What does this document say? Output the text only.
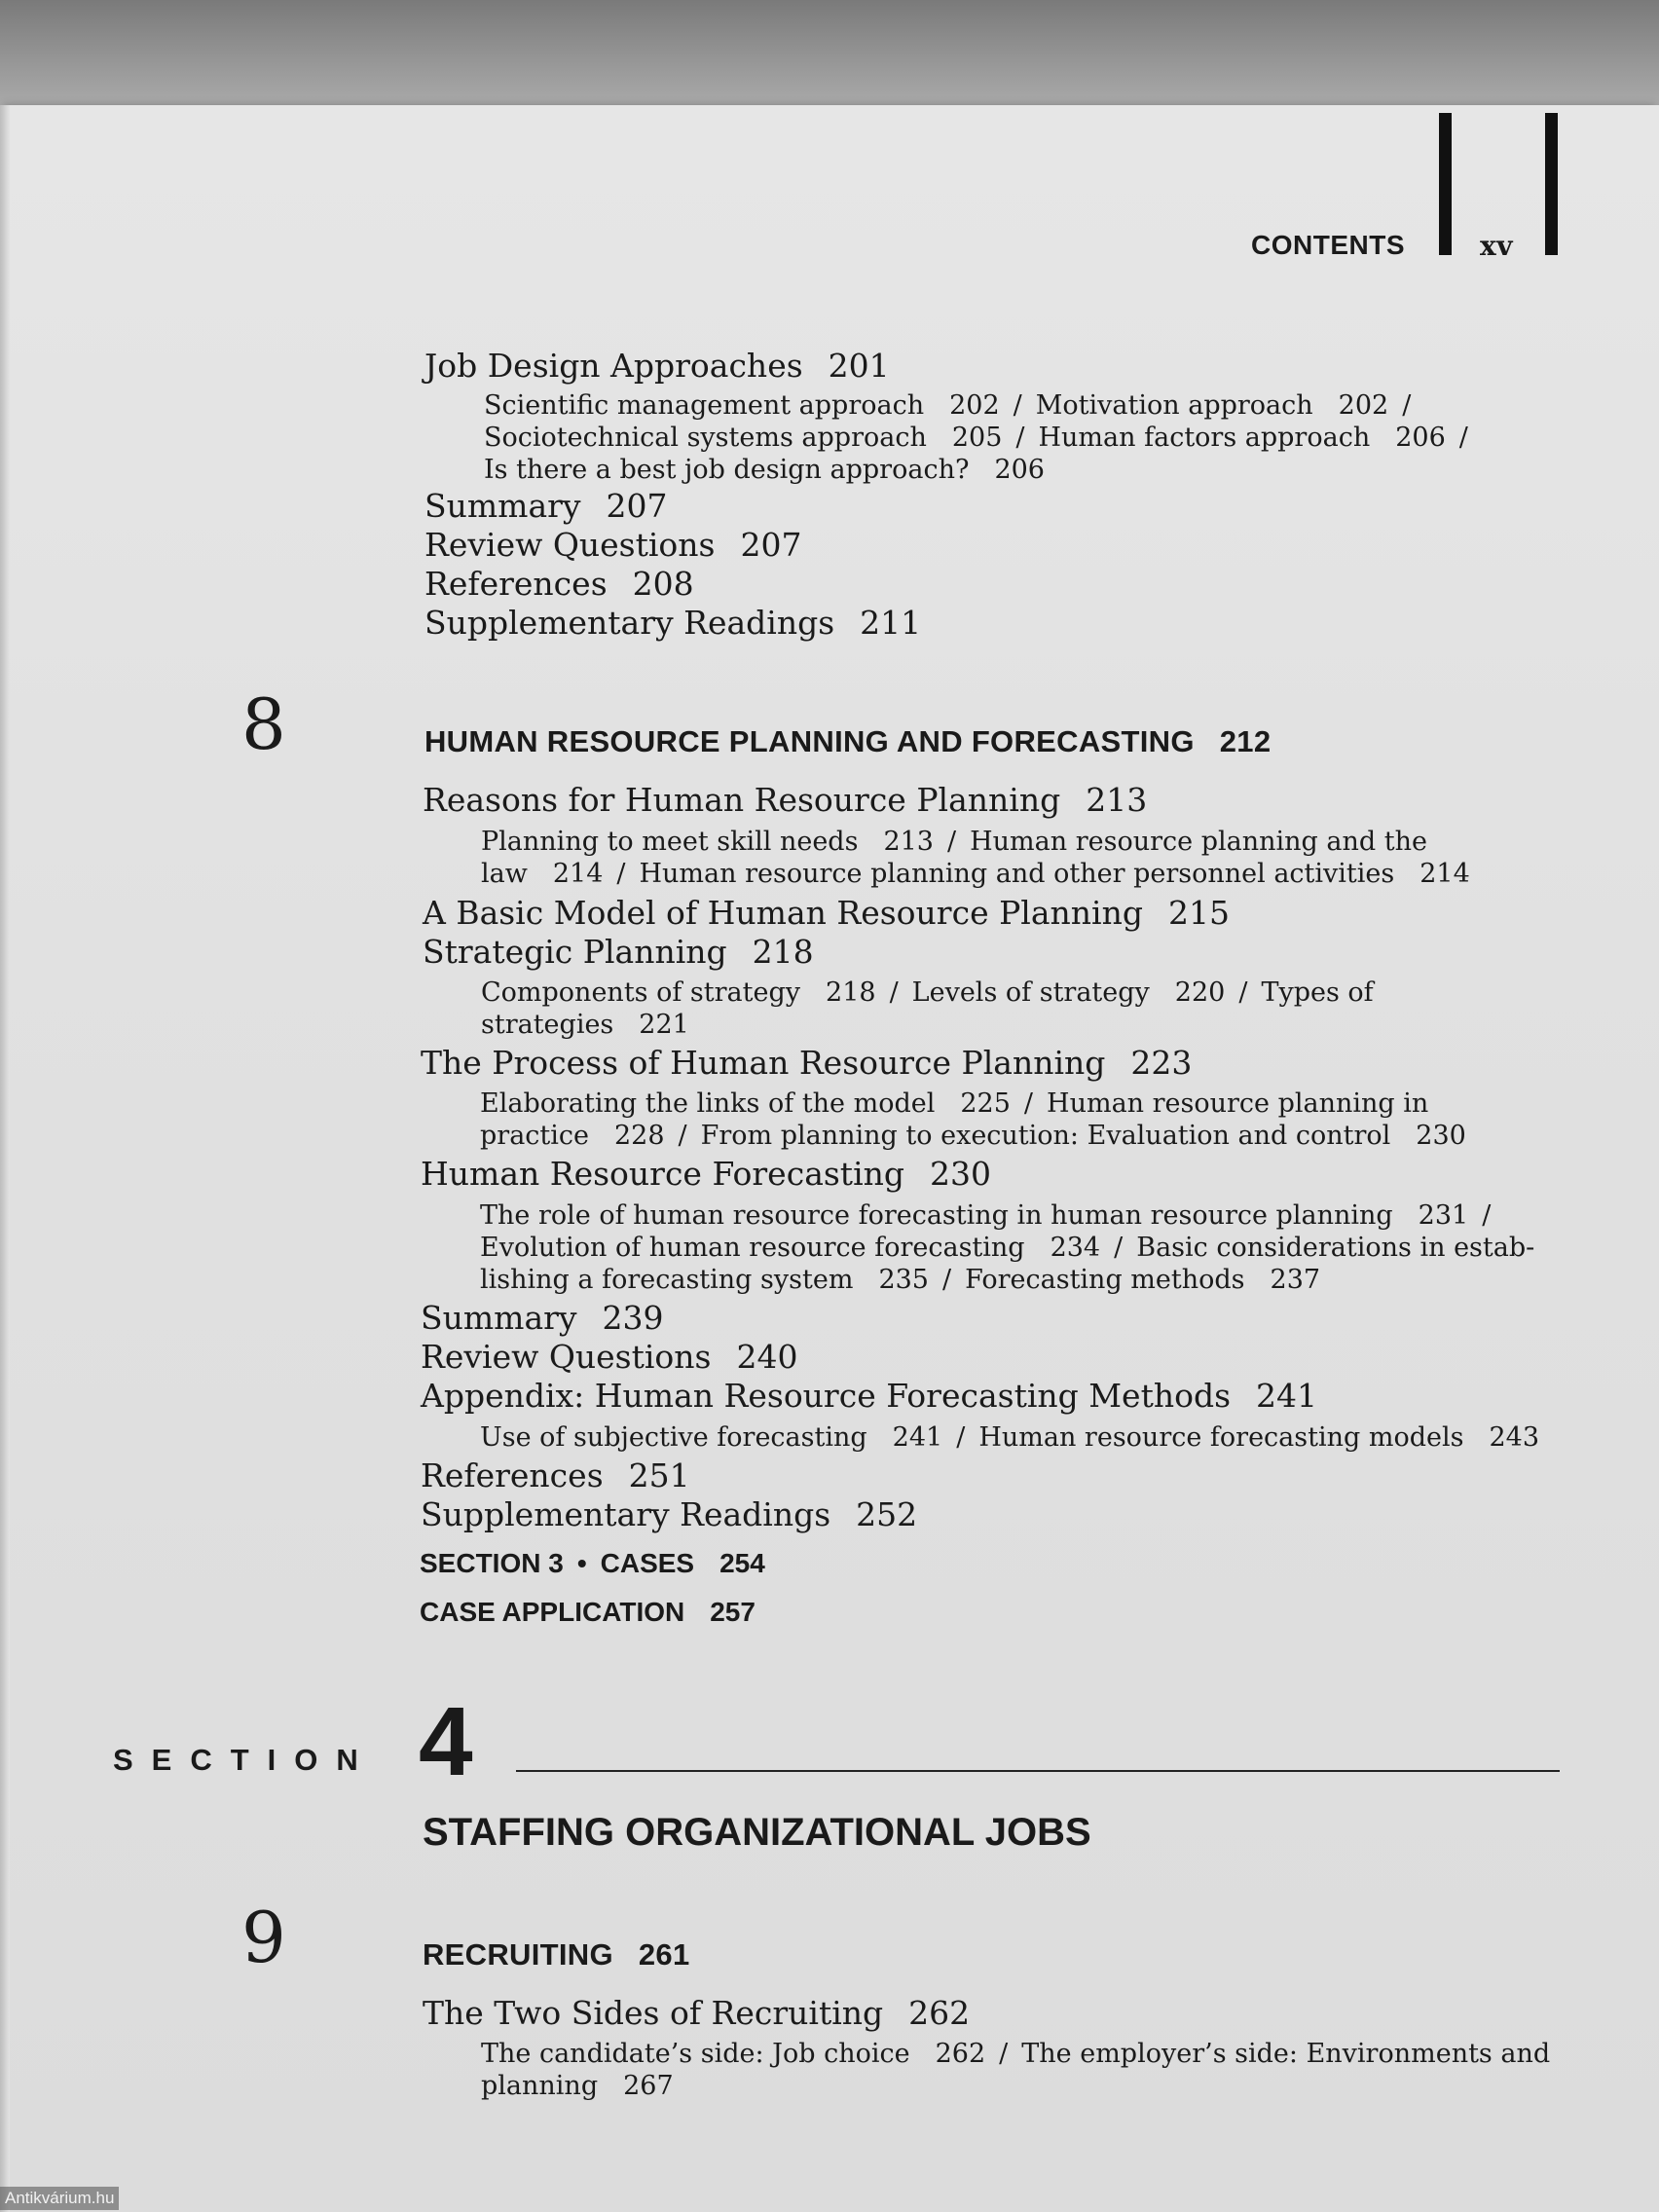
CONTENTS	xv
Job Design Approaches 201
Scientific management approach 202 / Motivation approach 202 /
Sociotechnical systems approach 205 / Human factors approach 206 /
Is there a best job design approach? 206
Summary 207
Review Questions 207
References 208
Supplementary Readings 211
8	HUMAN RESOURCE PLANNING AND FORECASTING 212
Reasons for Human Resource Planning 213
Planning to meet skill needs 213 / Human resource planning and the
law 214 / Human resource planning and other personnel activities 214
A Basic Model of Human Resource Planning 215
Strategic Planning 218
Components of strategy 218 / Levels of strategy 220 / Types of
strategies 221
The Process of Human Resource Planning 223
Elaborating the links of the model 225 / Human resource planning in
practice 228 / From planning to execution: Evaluation and control 230
Human Resource Forecasting 230
The role of human resource forecasting in human resource planning 231 /
Evolution of human resource forecasting 234 / Basic considerations in estab-
lishing a forecasting system 235 / Forecasting methods 237
Summary 239
Review Questions 240
Appendix: Human Resource Forecasting Methods 241
Use of subjective forecasting 241 / Human resource forecasting models 243
References 251
Supplementary Readings 252
SECTION 3 • CASES 254
CASE APPLICATION 257
SECTION 4
STAFFING ORGANIZATIONAL JOBS
9	RECRUITING 261
The Two Sides of Recruiting 262
The candidate’s side: Job choice 262 / The employer’s side: Environments and
planning 267
Antikvárium.hu
